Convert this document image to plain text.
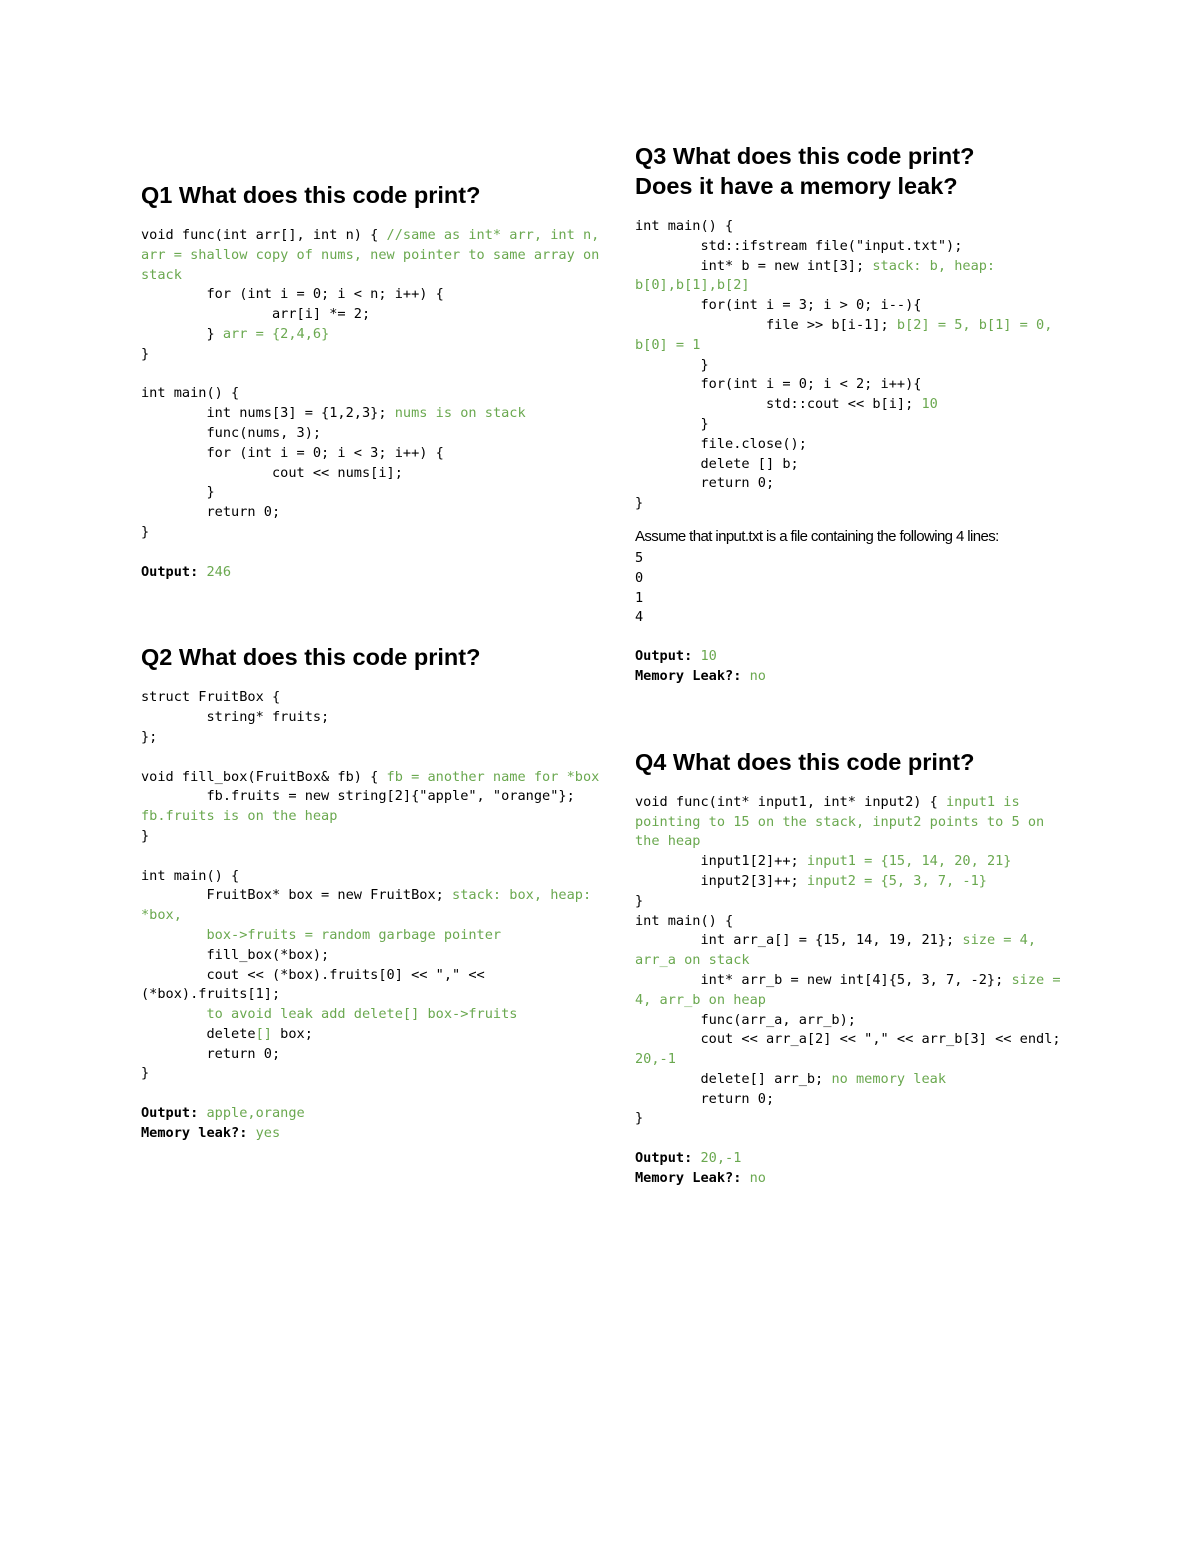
Q1 What does this code print?
void func(int arr[], int n) { //same as int* arr, int n,
arr = shallow copy of nums, new pointer to same array on stack
	for (int i = 0; i < n; i++) {
		arr[i] *= 2;
	} arr = {2,4,6}
}

int main() {
	int nums[3] = {1,2,3}; nums is on stack
	func(nums, 3);
	for (int i = 0; i < 3; i++) {
		cout << nums[i];
	}
	return 0;
}

Output: 246
Q2 What does this code print?
struct FruitBox {
	string* fruits;
};

void fill_box(FruitBox& fb) { fb = another name for *box
	fb.fruits = new string[2]{"apple", "orange"};
fb.fruits is on the heap
}

int main() {
	FruitBox* box = new FruitBox; stack: box, heap: *box,
	box->fruits = random garbage pointer
	fill_box(*box);
	cout << (*box).fruits[0] << "," << (*box).fruits[1];
	to avoid leak add delete[] box->fruits
	delete[] box;
	return 0;
}

Output: apple,orange
Memory leak?: yes
Q3 What does this code print?
Does it have a memory leak?
int main() {
	std::ifstream file("input.txt");
	int* b = new int[3]; stack: b, heap: b[0],b[1],b[2]
	for(int i = 3; i > 0; i--){
		file >> b[i-1]; b[2] = 5, b[1] = 0, b[0] = 1
	}
	for(int i = 0; i < 2; i++){
		std::cout << b[i]; 10
	}
	file.close();
	delete [] b;
	return 0;
}

Assume that input.txt is a file containing the following 4 lines:

5
0
1
4
Output: 10
Memory Leak?: no
Q4 What does this code print?
void func(int* input1, int* input2) { input1 is pointing to 15 on the stack, input2 points to 5 on the heap
	input1[2]++; input1 = {15, 14, 20, 21}
	input2[3]++; input2 = {5, 3, 7, -1}
}
int main() {
	int arr_a[] = {15, 14, 19, 21}; size = 4, arr_a on stack
	int* arr_b = new int[4]{5, 3, 7, -2}; size = 4, arr_b on heap
	func(arr_a, arr_b);
	cout << arr_a[2] << "," << arr_b[3] << endl; 20,-1
	delete[] arr_b; no memory leak
	return 0;
}

Output: 20,-1
Memory Leak?: no
